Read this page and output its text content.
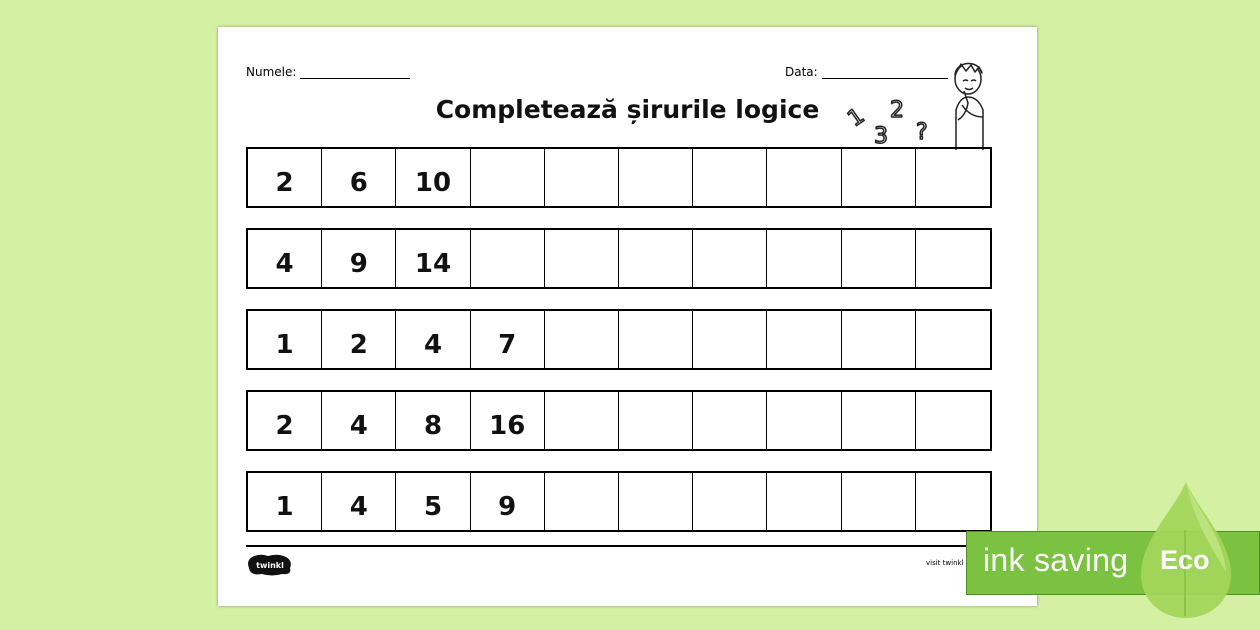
Numele:	Data:
Completează șirurile logice	1
3
2
?
2	6	10
4	9	14
1	2	4	7
2	4	8	16
1	4	5	9
twinkl	visit twinkl ink saving Eco
